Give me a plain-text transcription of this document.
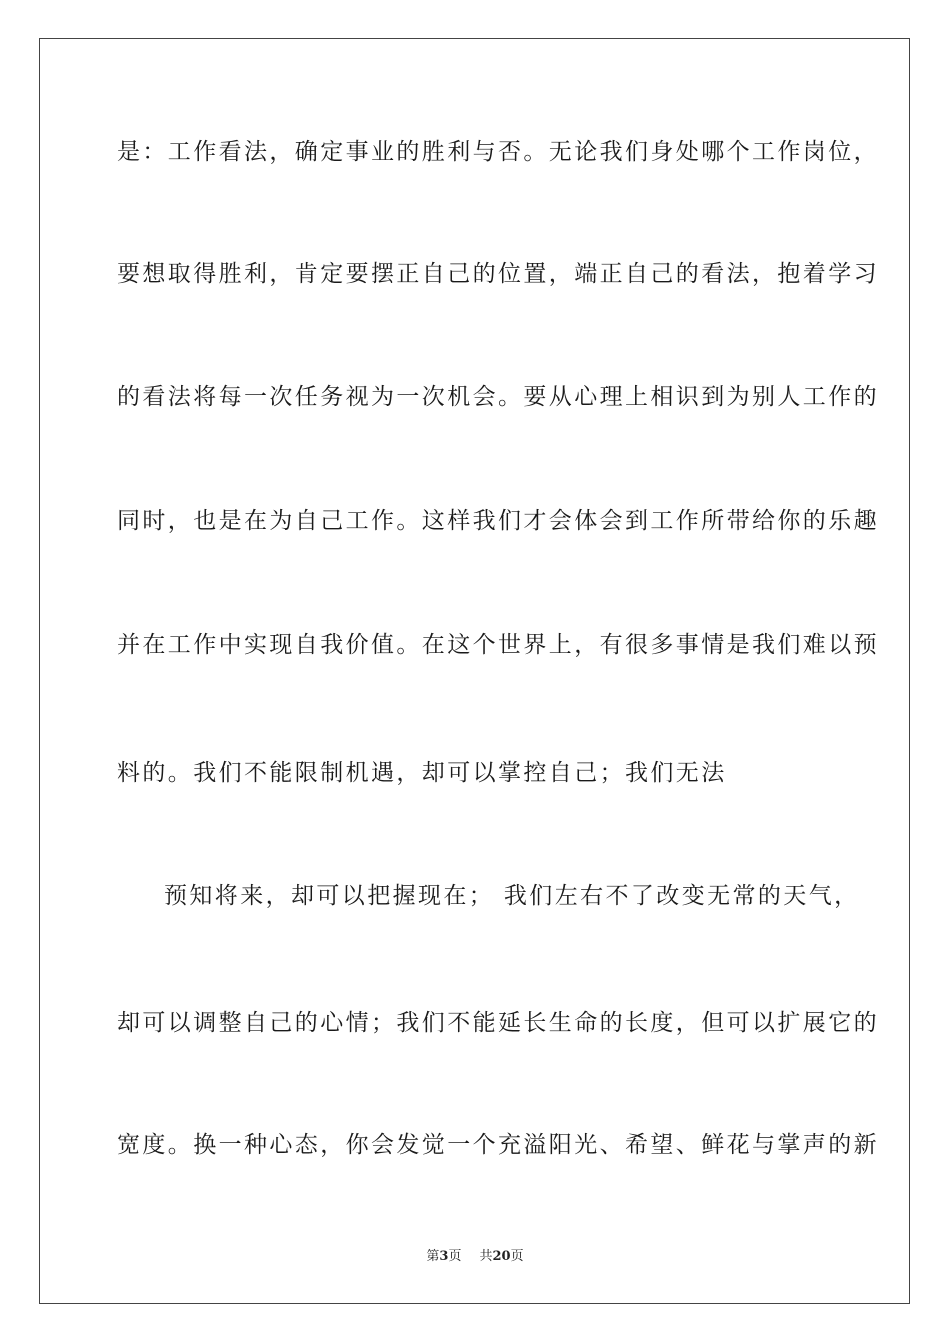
是：工作看法，确定事业的胜利与否。无论我们身处哪个工作岗位，
要想取得胜利，肯定要摆正自己的位置，端正自己的看法，抱着学习
的看法将每一次任务视为一次机会。要从心理上相识到为别人工作的
同时，也是在为自己工作。这样我们才会体会到工作所带给你的乐趣
并在工作中实现自我价值。在这个世界上，有很多事情是我们难以预
料的。我们不能限制机遇，却可以掌控自己；我们无法
预知将来，却可以把握现在； 我们左右不了改变无常的天气，
却可以调整自己的心情；我们不能延长生命的长度，但可以扩展它的
宽度。换一种心态，你会发觉一个充溢阳光、希望、鲜花与掌声的新
第3页 共20页
